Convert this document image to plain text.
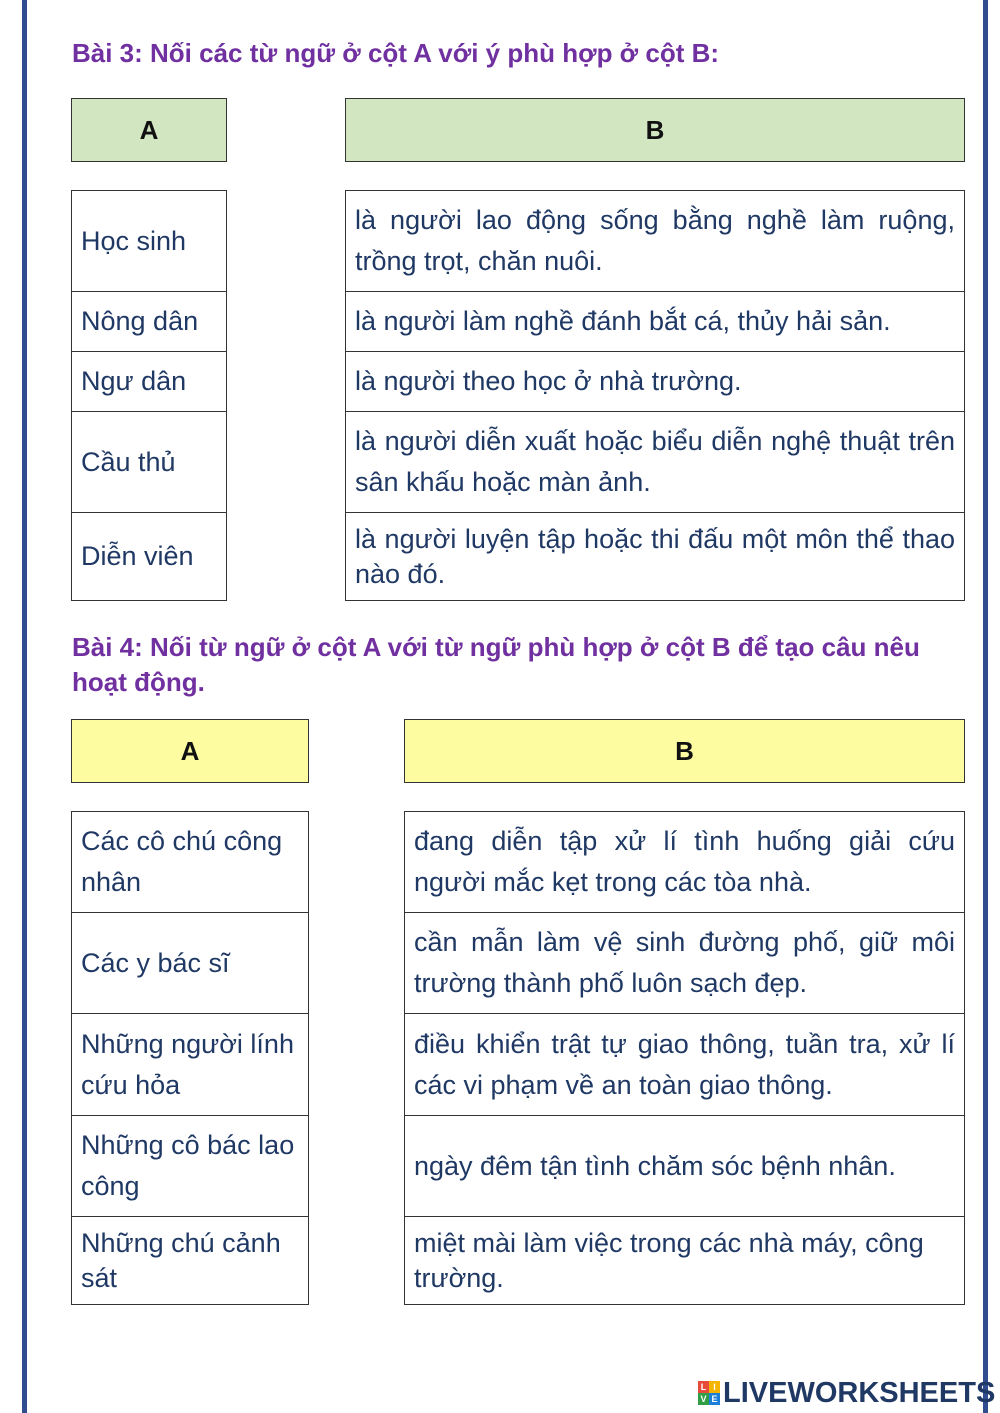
Bài 3: Nối các từ ngữ ở cột A với ý phù hợp ở cột B:
A	B
Học sinh
Nông dân
Ngư dân
Cầu thủ
Diễn viên
là người lao động sống bằng nghề làm ruộng, trồng trọt, chăn nuôi.
là người làm nghề đánh bắt cá, thủy hải sản.
là người theo học ở nhà trường.
là người diễn xuất hoặc biểu diễn nghệ thuật trên sân khấu hoặc màn ảnh.
là người luyện tập hoặc thi đấu một môn thể thao nào đó.
Bài 4: Nối từ ngữ ở cột A với từ ngữ phù hợp ở cột B để tạo câu nêu hoạt động.
A	B
Các cô chú công nhân
Các y bác sĩ
Những người lính cứu hỏa
Những cô bác lao công
Những chú cảnh sát
đang diễn tập xử lí tình huống giải cứu người mắc kẹt trong các tòa nhà.
cần mẫn làm vệ sinh đường phố, giữ môi trường thành phố luôn sạch đẹp.
điều khiển trật tự giao thông, tuần tra, xử lí các vi phạm về an toàn giao thông.
ngày đêm tận tình chăm sóc bệnh nhân.
miệt mài làm việc trong các nhà máy, công trường.
L I
V E LIVEWORKSHEETS
